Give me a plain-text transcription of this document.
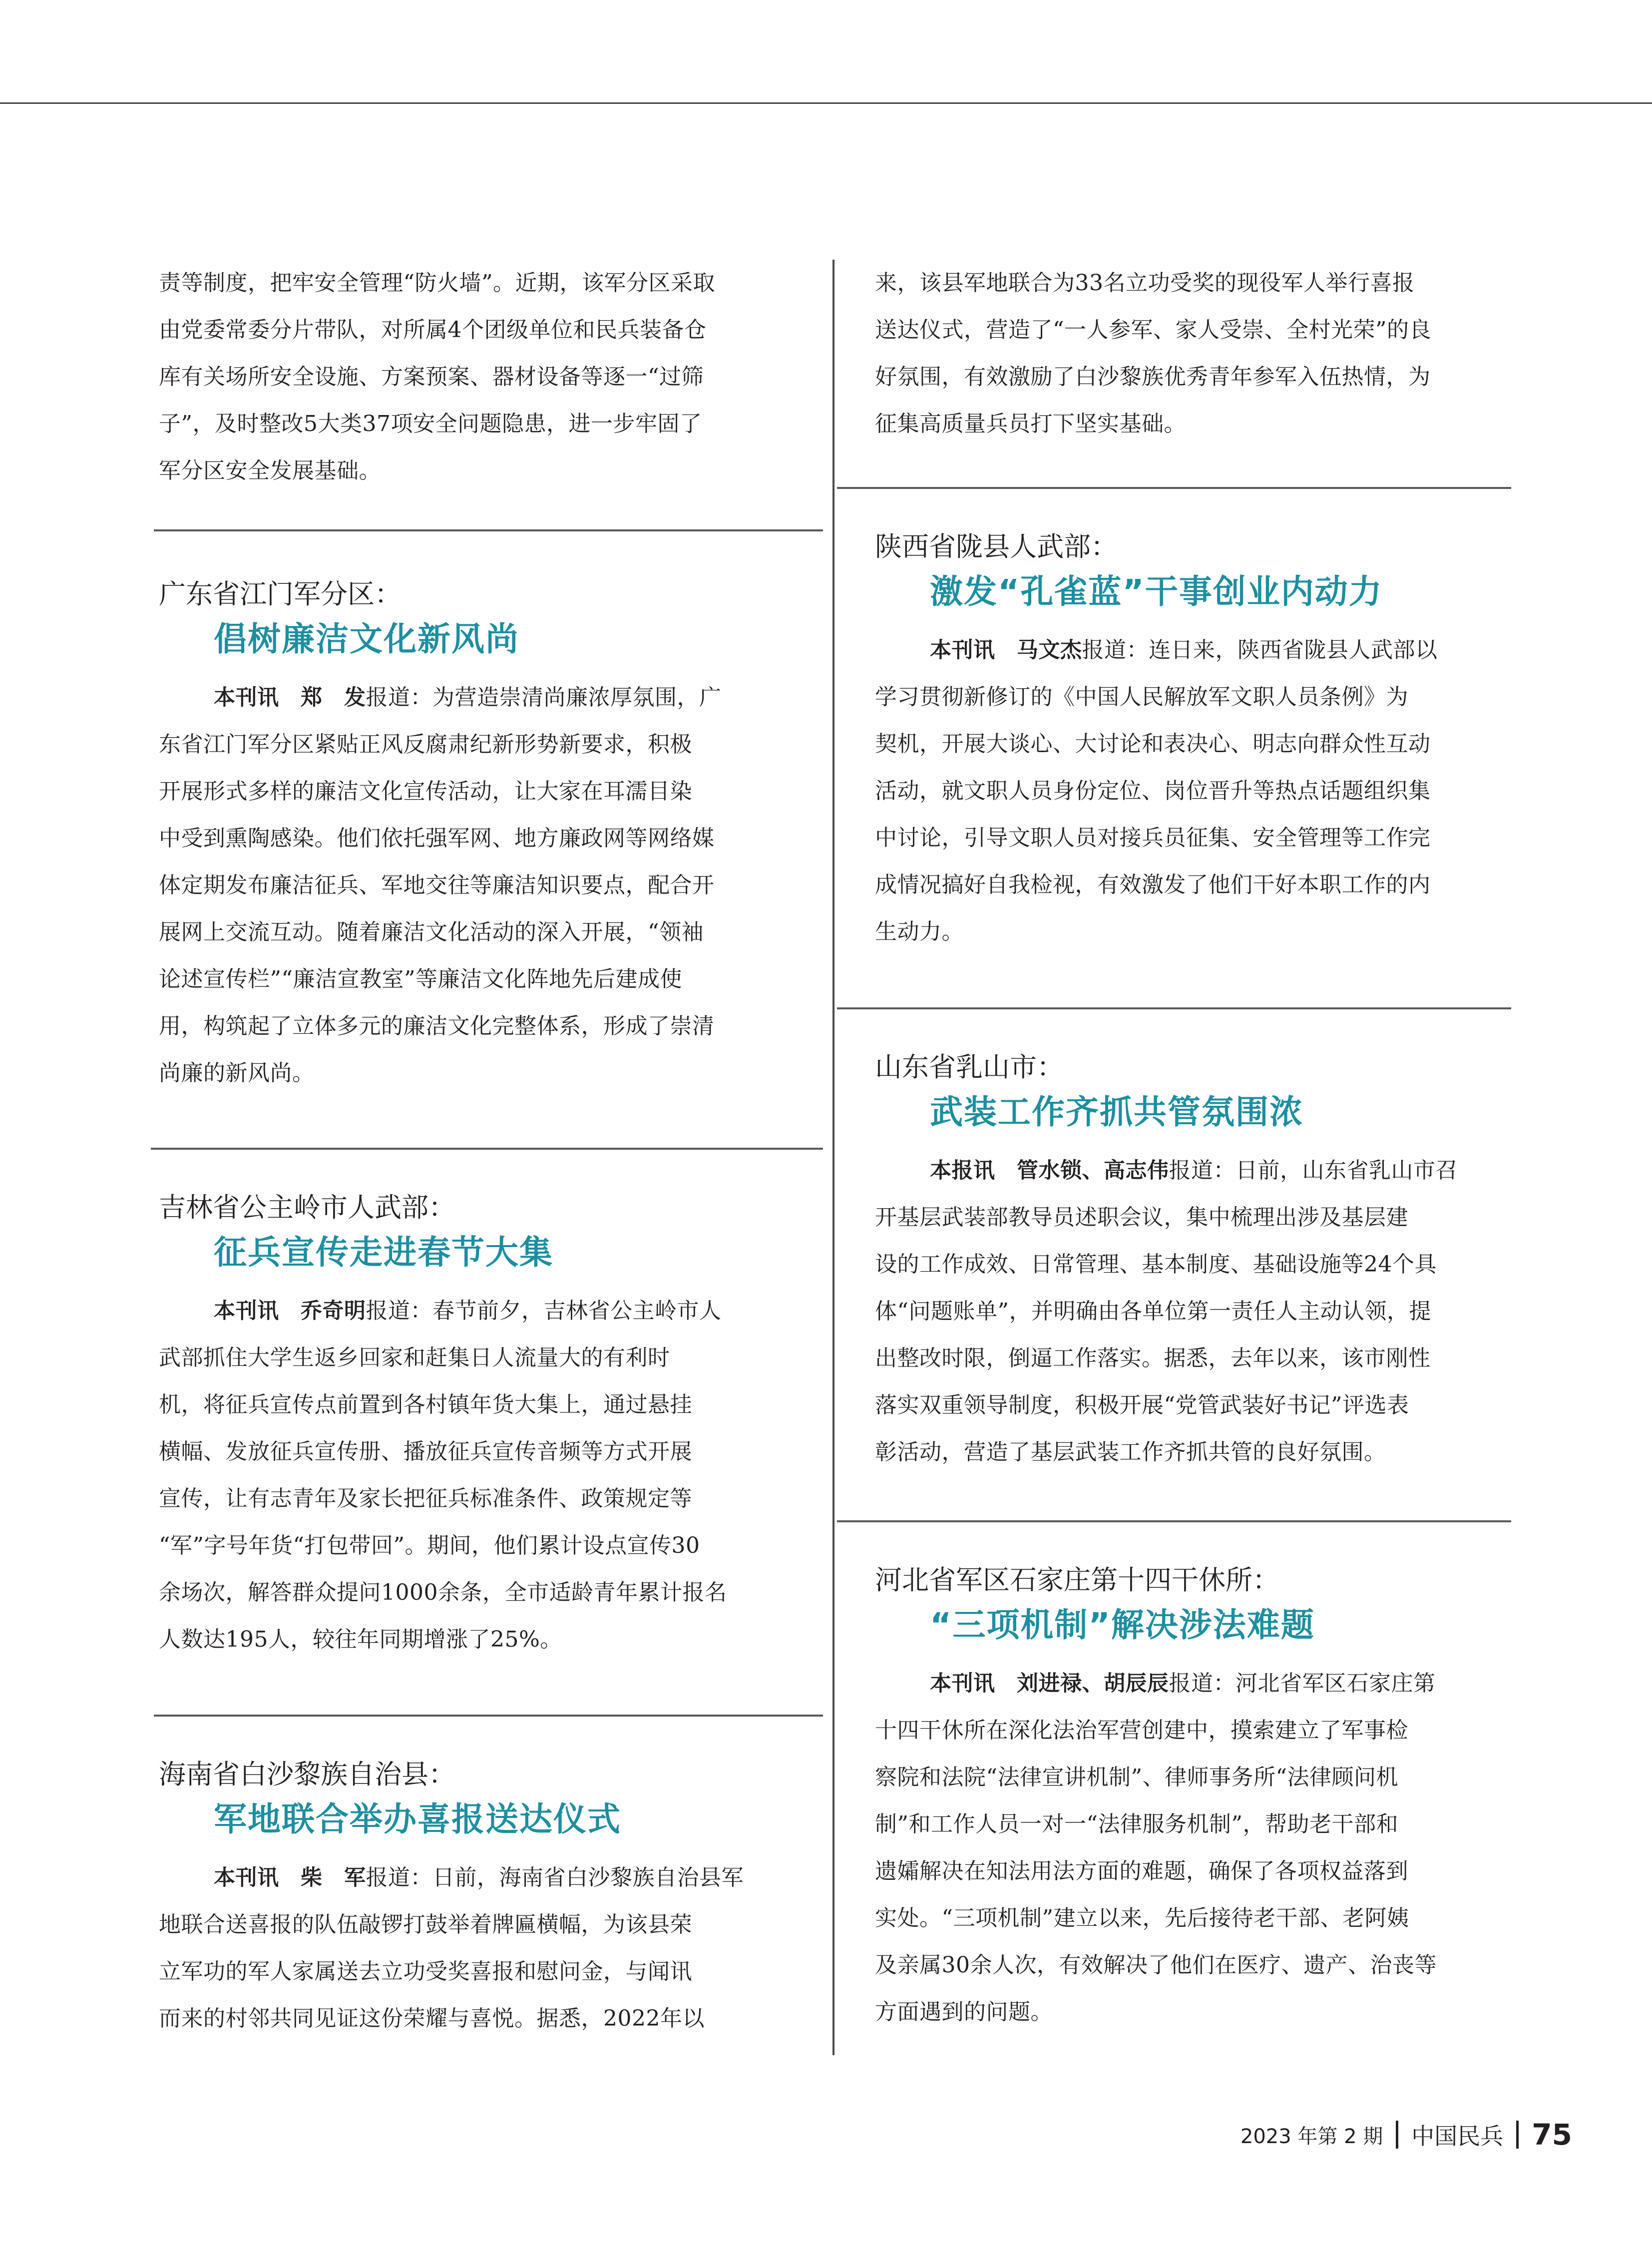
责等制度，把牢安全管理“防火墙”。近期，该军分区采取
由党委常委分片带队，对所属4个团级单位和民兵装备仓
库有关场所安全设施、方案预案、器材设备等逐一“过筛
子”，及时整改5大类37项安全问题隐患，进一步牢固了
军分区安全发展基础。

广东省江门军分区：
倡树廉洁文化新风尚

本刊讯　郑　发报道：为营造崇清尚廉浓厚氛围，广
东省江门军分区紧贴正风反腐肃纪新形势新要求，积极
开展形式多样的廉洁文化宣传活动，让大家在耳濡目染
中受到熏陶感染。他们依托强军网、地方廉政网等网络媒
体定期发布廉洁征兵、军地交往等廉洁知识要点，配合开
展网上交流互动。随着廉洁文化活动的深入开展，“领袖
论述宣传栏”“廉洁宣教室”等廉洁文化阵地先后建成使
用，构筑起了立体多元的廉洁文化完整体系，形成了崇清
尚廉的新风尚。

吉林省公主岭市人武部：
征兵宣传走进春节大集

本刊讯　乔奇明报道：春节前夕，吉林省公主岭市人
武部抓住大学生返乡回家和赶集日人流量大的有利时
机，将征兵宣传点前置到各村镇年货大集上，通过悬挂
横幅、发放征兵宣传册、播放征兵宣传音频等方式开展
宣传，让有志青年及家长把征兵标准条件、政策规定等
“军”字号年货“打包带回”。期间，他们累计设点宣传30
余场次，解答群众提问1000余条，全市适龄青年累计报名
人数达195人，较往年同期增涨了25%。

海南省白沙黎族自治县：
军地联合举办喜报送达仪式

本刊讯　柴　军报道：日前，海南省白沙黎族自治县军
地联合送喜报的队伍敲锣打鼓举着牌匾横幅，为该县荣
立军功的军人家属送去立功受奖喜报和慰问金，与闻讯
而来的村邻共同见证这份荣耀与喜悦。据悉，2022年以

来，该县军地联合为33名立功受奖的现役军人举行喜报
送达仪式，营造了“一人参军、家人受崇、全村光荣”的良
好氛围，有效激励了白沙黎族优秀青年参军入伍热情，为
征集高质量兵员打下坚实基础。

陕西省陇县人武部：
激发“孔雀蓝”干事创业内动力

本刊讯　马文杰报道：连日来，陕西省陇县人武部以
学习贯彻新修订的《中国人民解放军文职人员条例》为
契机，开展大谈心、大讨论和表决心、明志向群众性互动
活动，就文职人员身份定位、岗位晋升等热点话题组织集
中讨论，引导文职人员对接兵员征集、安全管理等工作完
成情况搞好自我检视，有效激发了他们干好本职工作的内
生动力。

山东省乳山市：
武装工作齐抓共管氛围浓

本报讯　管水锁、高志伟报道：日前，山东省乳山市召
开基层武装部教导员述职会议，集中梳理出涉及基层建
设的工作成效、日常管理、基本制度、基础设施等24个具
体“问题账单”，并明确由各单位第一责任人主动认领，提
出整改时限，倒逼工作落实。据悉，去年以来，该市刚性
落实双重领导制度，积极开展“党管武装好书记”评选表
彰活动，营造了基层武装工作齐抓共管的良好氛围。

河北省军区石家庄第十四干休所：
“三项机制”解决涉法难题

本刊讯　刘进禄、胡辰辰报道：河北省军区石家庄第
十四干休所在深化法治军营创建中，摸索建立了军事检
察院和法院“法律宣讲机制”、律师事务所“法律顾问机
制”和工作人员一对一“法律服务机制”，帮助老干部和
遗孀解决在知法用法方面的难题，确保了各项权益落到
实处。“三项机制”建立以来，先后接待老干部、老阿姨
及亲属30余人次，有效解决了他们在医疗、遗产、治丧等
方面遇到的问题。

2023 年第 2 期 中国民兵 75
